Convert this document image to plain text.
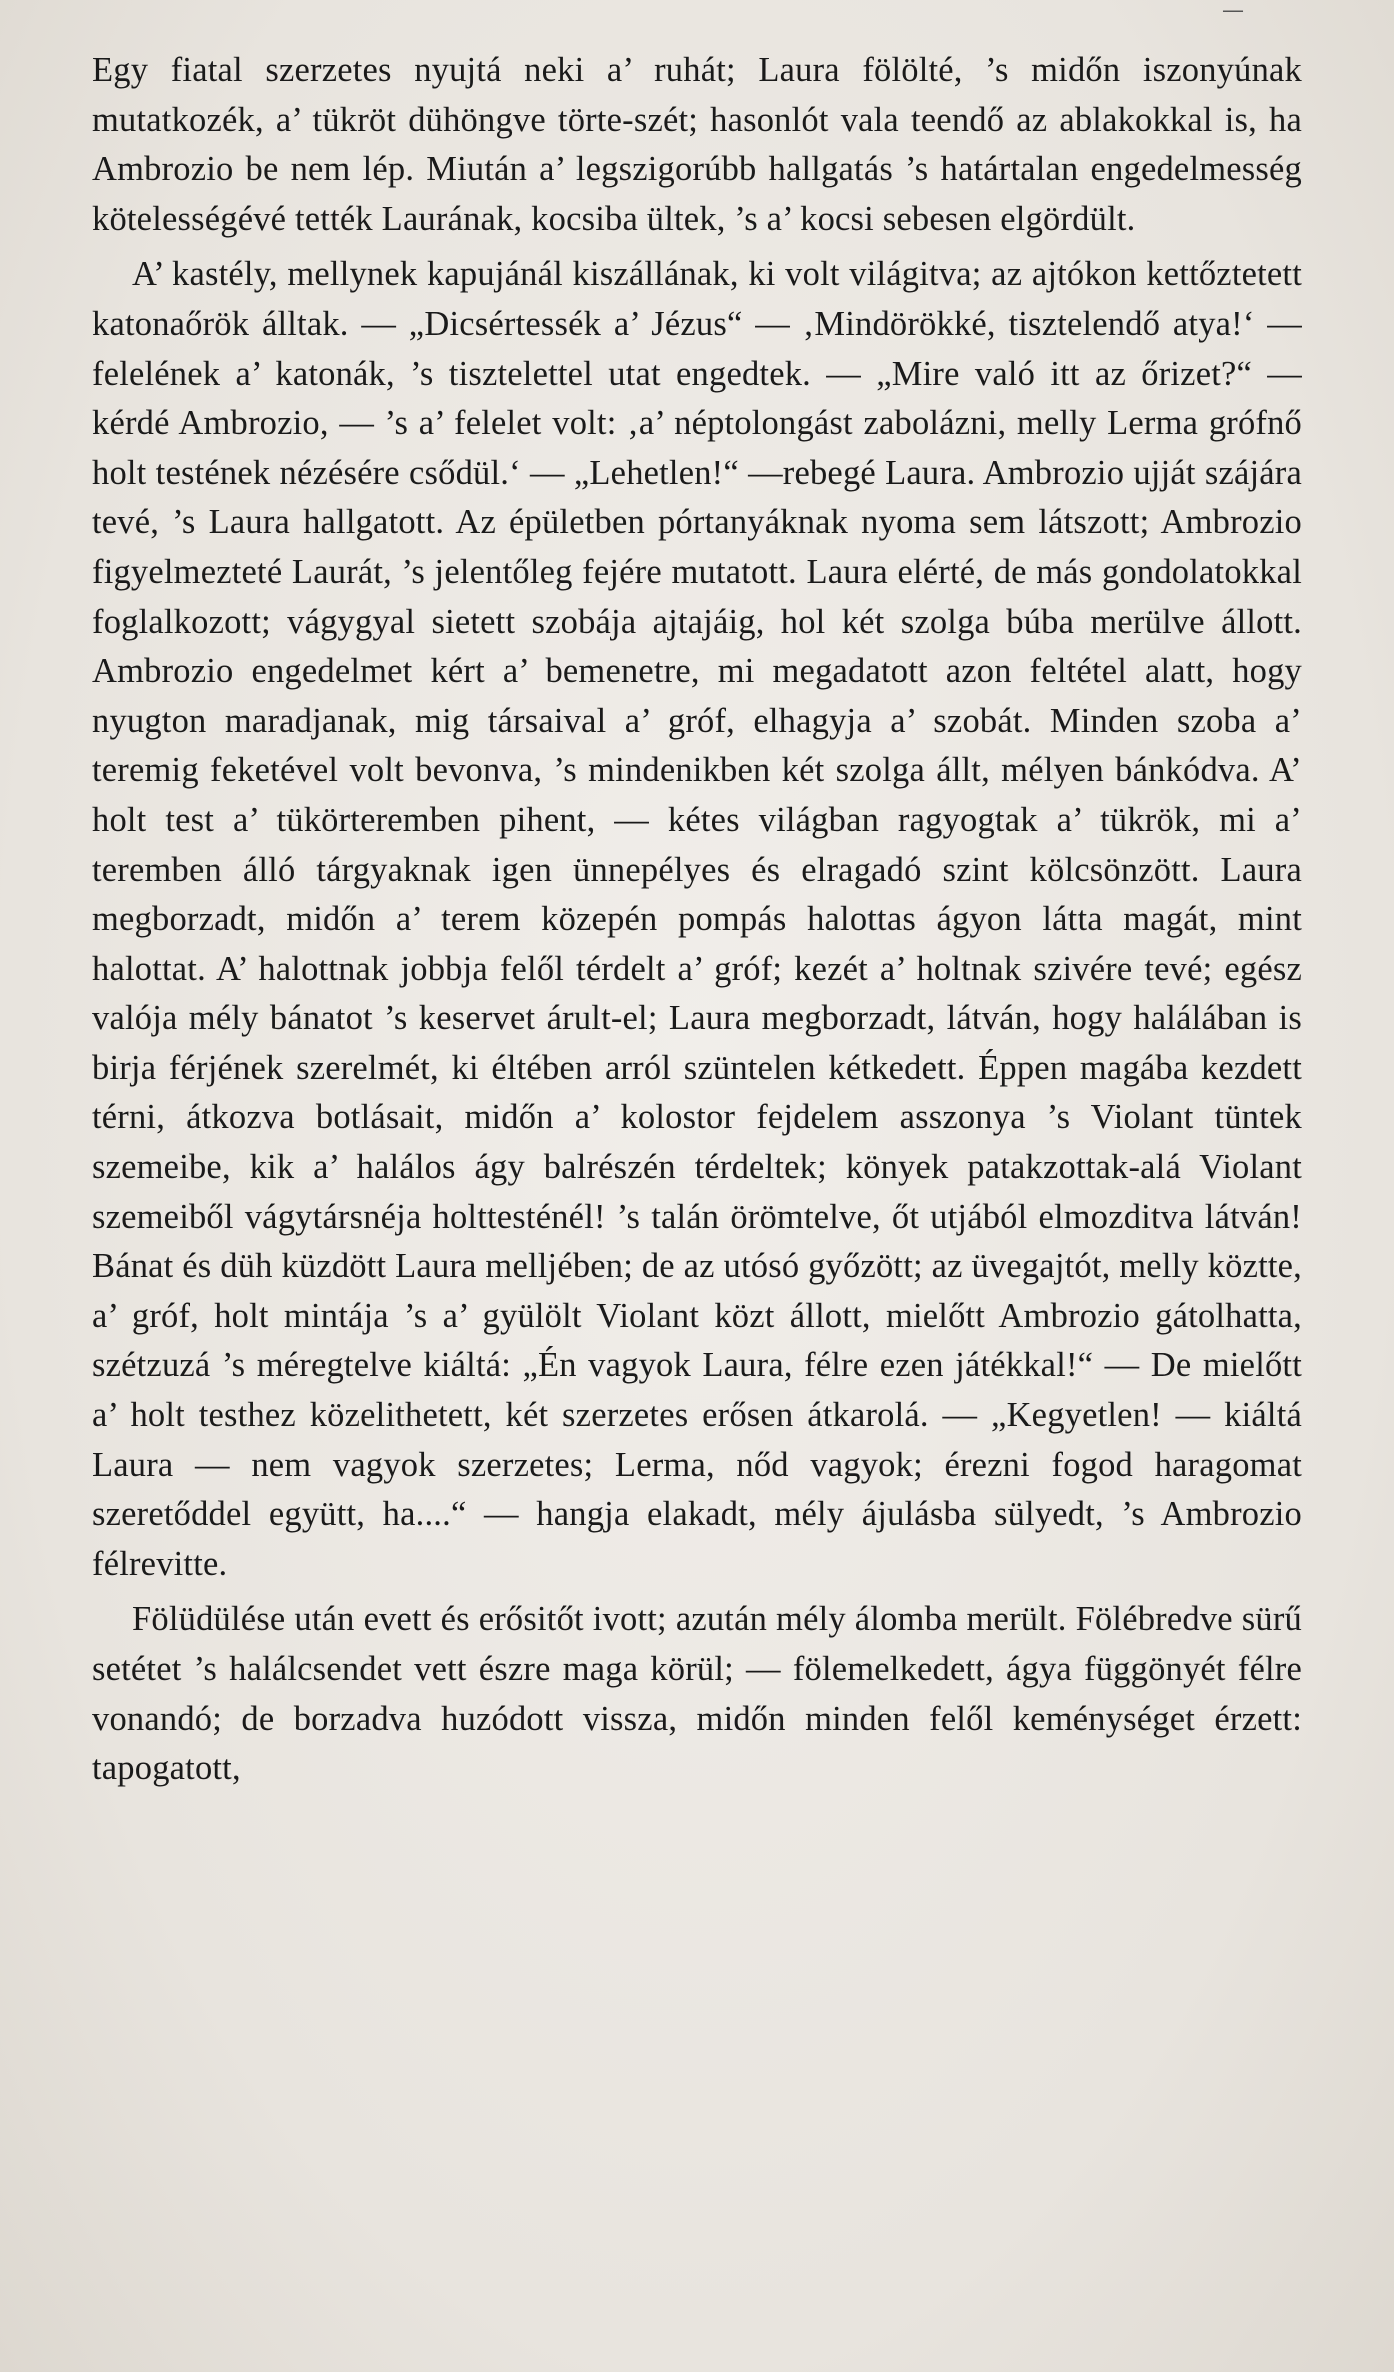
—

Egy fiatal szerzetes nyujtá neki a’ ruhát; Laura fölölté, ’s midőn iszonyúnak mutatkozék, a’ tükröt dühöngve törte-szét; hasonlót vala teendő az ablakokkal is, ha Ambrozio be nem lép. Miután a’ legszigorúbb hallgatás ’s határtalan engedelmesség kötelességévé tették Laurának, kocsiba ültek, ’s a’ kocsi sebesen elgördült.

A’ kastély, mellynek kapujánál kiszállának, ki volt világitva; az ajtókon kettőztetett katonaőrök álltak. — „Dicsértessék a’ Jézus“ — ‚Mindörökké, tisztelendő atya!‘ — felelének a’ katonák, ’s tisztelettel utat engedtek. — „Mire való itt az őrizet?“ — kérdé Ambrozio, — ’s a’ felelet volt: ‚a’ néptolongást zabolázni, melly Lerma grófnő holt testének nézésére csődül.‘ — „Lehetlen!“ —rebegé Laura. Ambrozio ujját szájára tevé, ’s Laura hallgatott. Az épületben pórtanyáknak nyoma sem látszott; Ambrozio figyelmezteté Laurát, ’s jelentőleg fejére mutatott. Laura elérté, de más gondolatokkal foglalkozott; vágygyal sietett szobája ajtajáig, hol két szolga búba merülve állott. Ambrozio engedelmet kért a’ bemenetre, mi megadatott azon feltétel alatt, hogy nyugton maradjanak, mig társaival a’ gróf, elhagyja a’ szobát. Minden szoba a’ teremig feketével volt bevonva, ’s mindenikben két szolga állt, mélyen bánkódva. A’ holt test a’ tükörteremben pihent, — kétes világban ragyogtak a’ tükrök, mi a’ teremben álló tárgyaknak igen ünnepélyes és elragadó szint kölcsönzött. Laura megborzadt, midőn a’ terem közepén pompás halottas ágyon látta magát, mint halottat. A’ halottnak jobbja felől térdelt a’ gróf; kezét a’ holtnak szivére tevé; egész valója mély bánatot ’s keservet árult-el; Laura megborzadt, látván, hogy halálában is birja férjének szerelmét, ki éltében arról szüntelen kétkedett. Éppen magába kezdett térni, átkozva botlásait, midőn a’ kolostor fejdelem asszonya ’s Violant tüntek szemeibe, kik a’ halálos ágy balrészén térdeltek; könyek patakzottak-alá Violant szemeiből vágytársnéja holttesténél! ’s talán örömtelve, őt utjából elmozditva látván! Bánat és düh küzdött Laura melljében; de az utósó győzött; az üvegajtót, melly köztte, a’ gróf, holt mintája ’s a’ gyülölt Violant közt állott, mielőtt Ambrozio gátolhatta, szétzuzá ’s méregtelve kiáltá: „Én vagyok Laura, félre ezen játékkal!“ — De mielőtt a’ holt testhez közelithetett, két szerzetes erősen átkarolá. — „Kegyetlen! — kiáltá Laura — nem vagyok szerzetes; Lerma, nőd vagyok; érezni fogod haragomat szeretőddel együtt, ha....“ — hangja elakadt, mély ájulásba sülyedt, ’s Ambrozio félrevitte.

Fölüdülése után evett és erősitőt ivott; azután mély álomba merült. Fölébredve sürű setétet ’s halálcsendet vett észre maga körül; — fölemelkedett, ágya függönyét félre vonandó; de borzadva huzódott vissza, midőn minden felől keménységet érzett: tapogatott,
